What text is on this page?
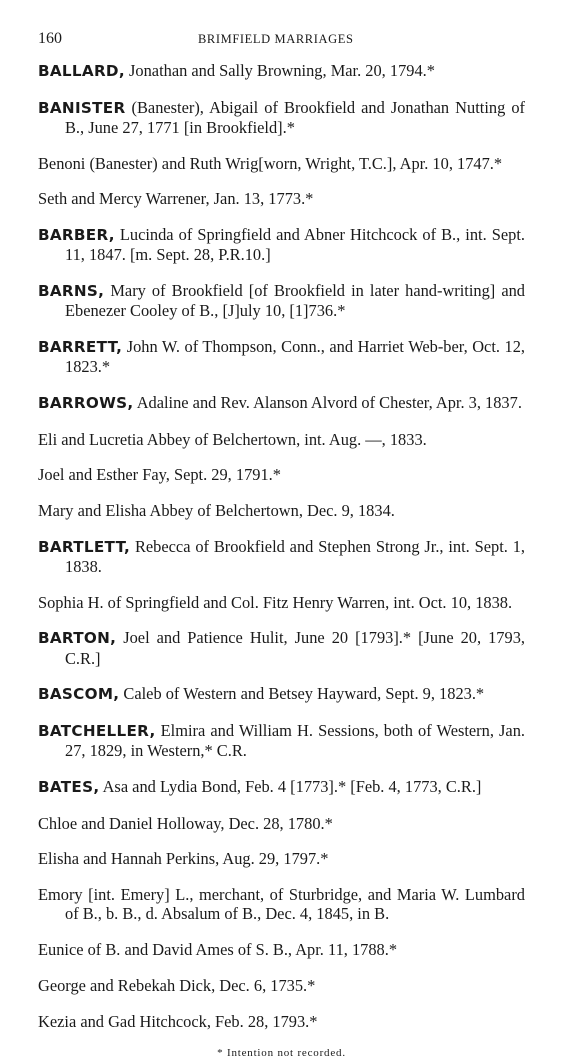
160	BRIMFIELD MARRIAGES

BALLARD, Jonathan and Sally Browning, Mar. 20, 1794.*

BANISTER (Banester), Abigail of Brookfield and Jonathan Nutting of B., June 27, 1771 [in Brookfield].*

Benoni (Banester) and Ruth Wrig[worn, Wright, T.C.], Apr. 10, 1747.*

Seth and Mercy Warrener, Jan. 13, 1773.*

BARBER, Lucinda of Springfield and Abner Hitchcock of B., int. Sept. 11, 1847. [m. Sept. 28, P.R.10.]

BARNS, Mary of Brookfield [of Brookfield in later hand-writing] and Ebenezer Cooley of B., [J]uly 10, [1]736.*

BARRETT, John W. of Thompson, Conn., and Harriet Web-ber, Oct. 12, 1823.*

BARROWS, Adaline and Rev. Alanson Alvord of Chester, Apr. 3, 1837.

Eli and Lucretia Abbey of Belchertown, int. Aug. —, 1833.

Joel and Esther Fay, Sept. 29, 1791.*

Mary and Elisha Abbey of Belchertown, Dec. 9, 1834.

BARTLETT, Rebecca of Brookfield and Stephen Strong Jr., int. Sept. 1, 1838.

Sophia H. of Springfield and Col. Fitz Henry Warren, int. Oct. 10, 1838.

BARTON, Joel and Patience Hulit, June 20 [1793].* [June 20, 1793, C.R.]

BASCOM, Caleb of Western and Betsey Hayward, Sept. 9, 1823.*

BATCHELLER, Elmira and William H. Sessions, both of Western, Jan. 27, 1829, in Western,* C.R.

BATES, Asa and Lydia Bond, Feb. 4 [1773].* [Feb. 4, 1773, C.R.]

Chloe and Daniel Holloway, Dec. 28, 1780.*

Elisha and Hannah Perkins, Aug. 29, 1797.*

Emory [int. Emery] L., merchant, of Sturbridge, and Maria W. Lumbard of B., b. B., d. Absalum of B., Dec. 4, 1845, in B.

Eunice of B. and David Ames of S. B., Apr. 11, 1788.*

George and Rebekah Dick, Dec. 6, 1735.*

Kezia and Gad Hitchcock, Feb. 28, 1793.*

* Intention not recorded.
